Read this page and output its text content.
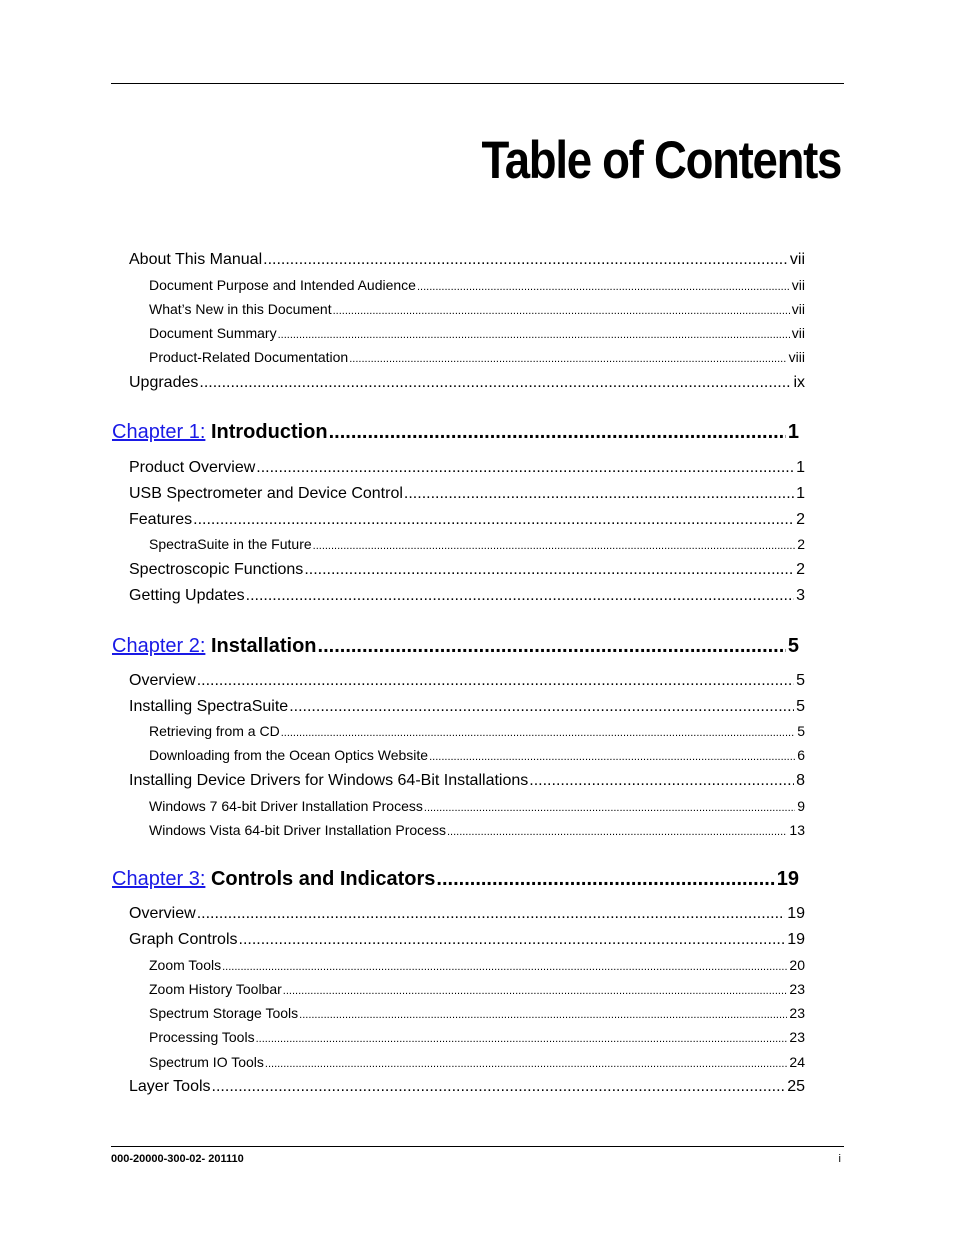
Table of Contents
About This Manual .....	vii
Document Purpose and Intended Audience .....	vii
What’s New in this Document .....	vii
Document Summary .....	vii
Product-Related Documentation .....	viii
Upgrades .....	ix
Chapter 1: Introduction .....	1
Product Overview .....	1
USB Spectrometer and Device Control .....	1
Features .....	2
SpectraSuite in the Future .....	2
Spectroscopic Functions .....	2
Getting Updates .....	3
Chapter 2: Installation .....	5
Overview .....	5
Installing SpectraSuite .....	5
Retrieving from a CD .....	5
Downloading from the Ocean Optics Website .....	6
Installing Device Drivers for Windows 64-Bit Installations .....	8
Windows 7 64-bit Driver Installation Process .....	9
Windows Vista 64-bit Driver Installation Process .....	13
Chapter 3: Controls and Indicators .....	19
Overview .....	19
Graph Controls .....	19
Zoom Tools .....	20
Zoom History Toolbar .....	23
Spectrum Storage Tools .....	23
Processing Tools .....	23
Spectrum IO Tools .....	24
Layer Tools .....	25
000-20000-300-02- 201110	i
